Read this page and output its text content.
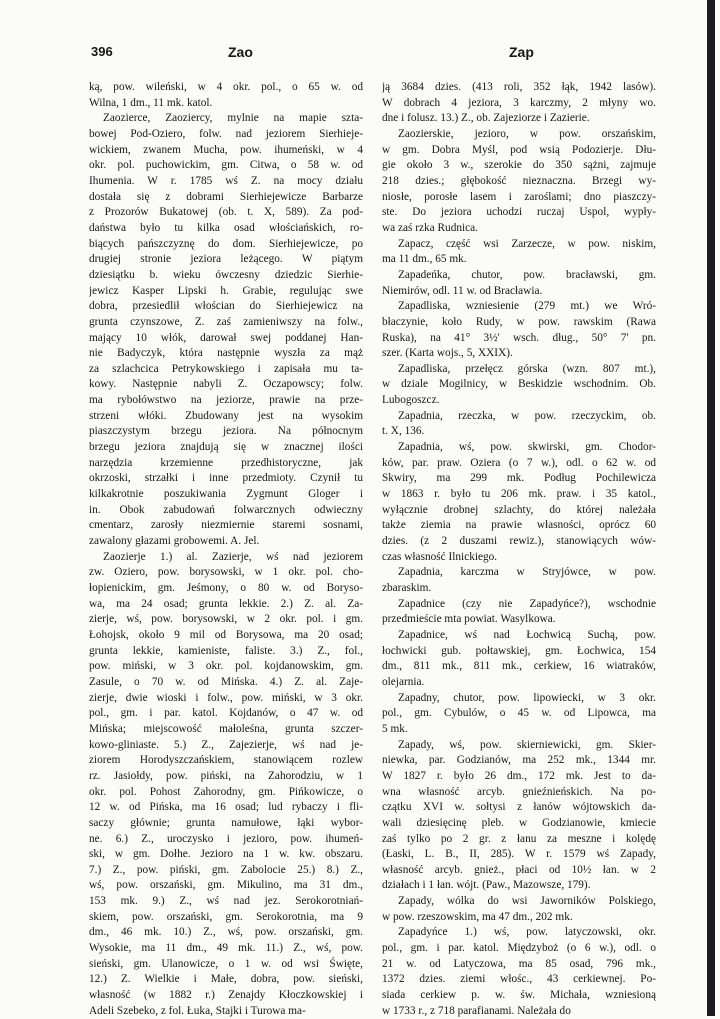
396	Zao	Zap
ką, pow. wileński, w 4 okr. pol., o 65 w. od
Wilna, 1 dm., 11 mk. katol.
Zaozierce, Zaoziercy, mylnie na mapie szta-
bowej Pod-Oziero, folw. nad jeziorem Sierhieje-
wickiem, zwanem Mucha, pow. ihumeński, w 4
okr. pol. puchowickim, gm. Citwa, o 58 w. od
Ihumenia. W r. 1785 wś Z. na mocy działu
dostała się z dobrami Sierhiejewicze Barbarze
z Prozorów Bukatowej (ob. t. X, 589). Za pod-
daństwa było tu kilka osad włościańskich, ro-
biących pańszczyznę do dom. Sierhiejewicze, po
drugiej stronie jeziora leżącego. W piątym
dziesiątku b. wieku ówczesny dziedzic Sierhie-
jewicz Kasper Lipski h. Grabie, regulując swe
dobra, przesiedlił włościan do Sierhiejewicz na
grunta czynszowe, Z. zaś zamieniwszy na folw.,
mający 10 włók, darował swej poddanej Han-
nie Badyczyk, która następnie wyszła za mąż
za szlachcica Petrykowskiego i zapisała mu ta-
kowy. Następnie nabyli Z. Oczapowscy; folw.
ma rybołówstwo na jeziorze, prawie na prze-
strzeni włóki. Zbudowany jest na wysokim
piaszczystym brzegu jeziora. Na północnym
brzegu jeziora znajdują się w znacznej ilości
narzędzia krzemienne przedhistoryczne, jak
okrzoski, strzałki i inne przedmioty. Czynił tu
kilkakrotnie poszukiwania Zygmunt Gloger i
in. Obok zabudowań folwarcznych odwieczny
cmentarz, zarosły niezmiernie staremi sosnami,
zawalony głazami grobowemi. A. Jel.
Zaozierje 1.) al. Zazierje, wś nad jeziorem
zw. Oziero, pow. borysowski, w 1 okr. pol. cho-
łopienickim, gm. Jeśmony, o 80 w. od Boryso-
wa, ma 24 osad; grunta lekkie. 2.) Z. al. Za-
zierje, wś, pow. borysowski, w 2 okr. pol. i gm.
Łohojsk, około 9 mil od Borysowa, ma 20 osad;
grunta lekkie, kamieniste, faliste. 3.) Z., fol.,
pow. miński, w 3 okr. pol. kojdanowskim, gm.
Zasule, o 70 w. od Mińska. 4.) Z. al. Zaje-
zierje, dwie wioski i folw., pow. miński, w 3 okr.
pol., gm. i par. katol. Kojdanów, o 47 w. od
Mińska; miejscowość małoleśna, grunta szczer-
kowo-gliniaste. 5.) Z., Zajezierje, wś nad je-
ziorem Horodyszczańskiem, stanowiącem rozlew
rz. Jasiołdy, pow. piński, na Zahorodziu, w 1
okr. pol. Pohost Zahorodny, gm. Pińkowicze, o
12 w. od Pińska, ma 16 osad; lud rybaczy i fli-
saczy głównie; grunta namułowe, łąki wybor-
ne. 6.) Z., uroczysko i jezioro, pow. ihumeń-
ski, w gm. Dołhe. Jezioro na 1 w. kw. obszaru.
7.) Z., pow. piński, gm. Zabolocie 25.) 8.) Z.,
wś, pow. orszański, gm. Mikulino, ma 31 dm.,
153 mk. 9.) Z., wś nad jez. Serokorotniań-
skiem, pow. orszański, gm. Serokorotnia, ma 9
dm., 46 mk. 10.) Z., wś, pow. orszański, gm.
Wysokie, ma 11 dm., 49 mk. 11.) Z., wś, pow.
sieński, gm. Ulanowicze, o 1 w. od wsi Święte,
12.) Z. Wielkie i Małe, dobra, pow. sieński,
własność (w 1882 r.) Zenajdy Kłoczkowskiej i
Adeli Szebeko, z fol. Łuka, Stajki i Turowa ma-
ją 3684 dzies. (413 roli, 352 łąk, 1942 lasów).
W dobrach 4 jeziora, 3 karczmy, 2 młyny wo.
dne i folusz. 13.) Z., ob. Zajeziorze i Zazierie.
Zaozierskie, jezioro, w pow. orszańskim,
w gm. Dobra Myśl, pod wsią Podozierje. Dłu-
gie około 3 w., szerokie do 350 sążni, zajmuje
218 dzies.; głębokość nieznaczna. Brzegi wy-
niosłe, porosłe lasem i zaroślami; dno piaszczy-
ste. Do jeziora uchodzi ruczaj Uspol, wypły-
wa zaś rzka Rudnica.
Zapacz, część wsi Zarzecze, w pow. niskim,
ma 11 dm., 65 mk.
Zapadeńka, chutor, pow. bracławski, gm.
Niemirów, odl. 11 w. od Bracławia.
Zapadliska, wzniesienie (279 mt.) we Wró-
błaczynie, koło Rudy, w pow. rawskim (Rawa
Ruska), na 41° 3½' wsch. dług., 50° 7' pn.
szer. (Karta wojs., 5, XXIX).
Zapadliska, przełęcz górska (wzn. 807 mt.),
w dziale Mogilnicy, w Beskidzie wschodnim. Ob.
Lubogoszcz.
Zapadnia, rzeczka, w pow. rzeczyckim, ob.
t. X, 136.
Zapadnia, wś, pow. skwirski, gm. Chodor-
ków, par. praw. Oziera (o 7 w.), odl. o 62 w. od
Skwiry, ma 299 mk. Podług Pochilewicza
w 1863 r. było tu 206 mk. praw. i 35 katol.,
wyłącznie drobnej szlachty, do której należała
także ziemia na prawie własności, oprócz 60
dzies. (z 2 duszami rewiz.), stanowiących wów-
czas własność Ilnickiego.
Zapadnia, karczma w Stryjówce, w pow.
zbaraskim.
Zapadnice (czy nie Zapadyńce?), wschodnie
przedmieście mta powiat. Wasylkowa.
Zapadnice, wś nad Łochwicą Suchą, pow.
łochwicki gub. połtawskiej, gm. Łochwica, 154
dm., 811 mk., 811 mk., cerkiew, 16 wiatraków,
olejarnia.
Zapadny, chutor, pow. lipowiecki, w 3 okr.
pol., gm. Cybulów, o 45 w. od Lipowca, ma
5 mk.
Zapady, wś, pow. skierniewicki, gm. Skier-
niewka, par. Godzianów, ma 252 mk., 1344 mr.
W 1827 r. było 26 dm., 172 mk. Jest to da-
wna własność arcyb. gnieźnieńskich. Na po-
czątku XVI w. sołtysi z łanów wójtowskich da-
wali dziesięcinę pleb. w Godzianowie, kmiecie
zaś tylko po 2 gr. z łanu za meszne i kolędę
(Łaski, L. B., II, 285). W r. 1579 wś Zapady,
własność arcyb. gnież., płaci od 10½ łan. w 2
działach i 1 łan. wójt. (Paw., Mazowsze, 179).
Zapady, wólka do wsi Jaworników Polskiego,
w pow. rzeszowskim, ma 47 dm., 202 mk.
Zapadyńce 1.) wś, pow. latyczowski, okr.
pol., gm. i par. katol. Międzyboż (o 6 w.), odl. o
21 w. od Latyczowa, ma 85 osad, 796 mk.,
1372 dzies. ziemi włośc., 43 cerkiewnej. Po-
siada cerkiew p. w. św. Michała, wzniesioną
w 1733 r., z 718 parafianami. Należała do
